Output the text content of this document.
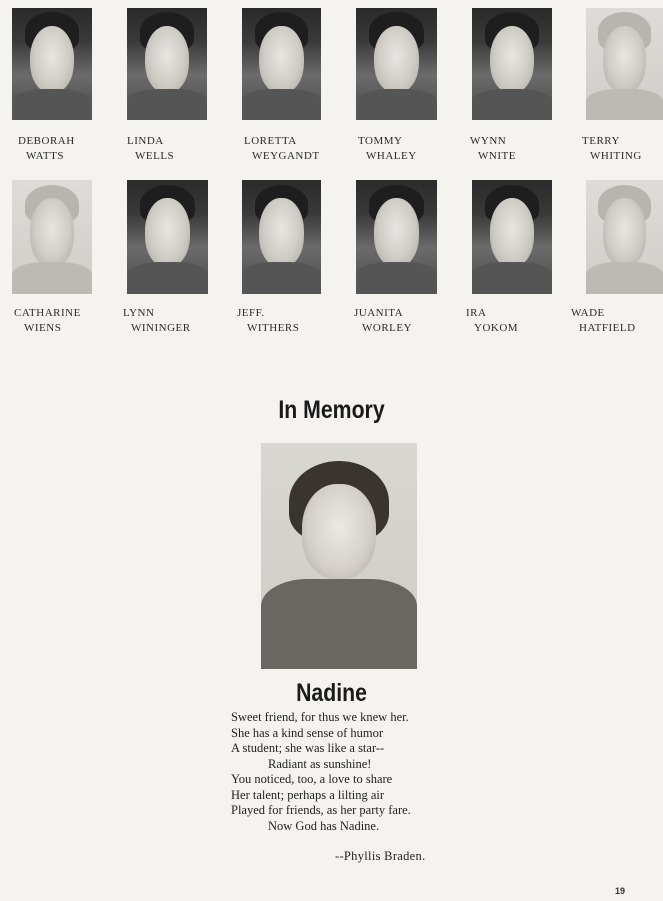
DEBORAH
WATTS
LINDA
WELLS
LORETTA
WEYGANDT
TOMMY
WHALEY
WYNN
WNITE
TERRY
WHITING
CATHARINE
WIENS
LYNN
WININGER
JEFF.
WITHERS
JUANITA
WORLEY
IRA
YOKOM
WADE
HATFIELD
In Memory
Nadine
Sweet friend, for thus we knew her.
She has a kind sense of humor
A student; she was like a star--
Radiant as sunshine!
You noticed, too, a love to share
Her talent; perhaps a lilting air
Played for friends, as her party fare.
Now God has Nadine.
--Phyllis Braden.
19
